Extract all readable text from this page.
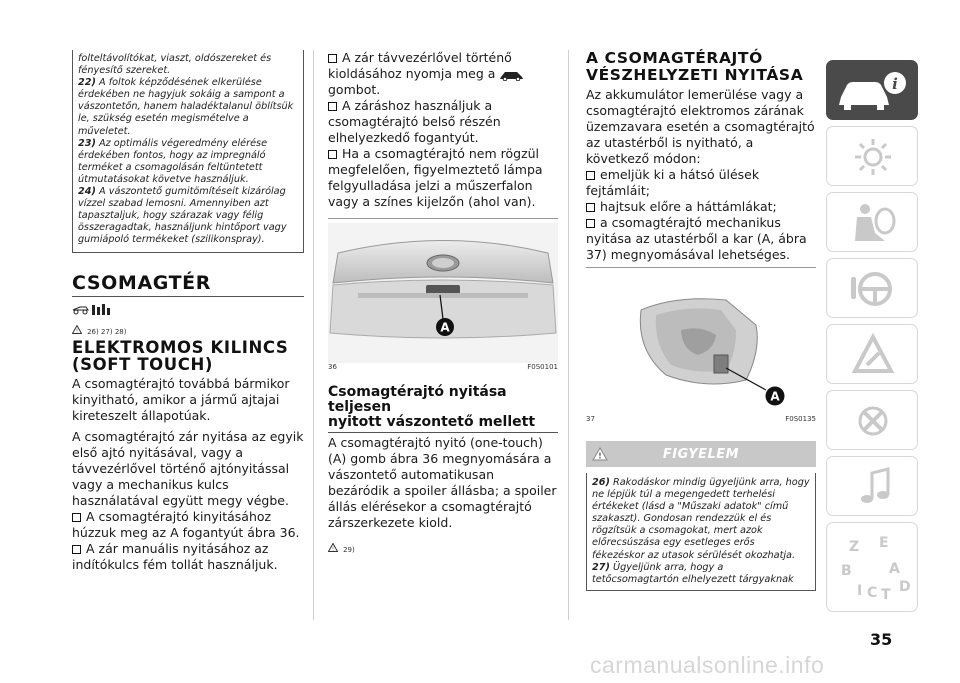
folteltávolítókat, viaszt, oldószereket és fényesítő szereket.

22) A foltok képződésének elkerülése érdekében ne hagyjuk sokáig a sampont a vászontetőn, hanem haladéktalanul öblítsük le, szükség esetén megismételve a műveletet.

23) Az optimális végeredmény elérése érdekében fontos, hogy az impregnáló terméket a csomagolásán feltüntetett útmutatásokat követve használjuk.

24) A vászontető gumitömítéseit kizárólag vízzel szabad lemosni. Amennyiben azt tapasztaljuk, hogy szárazak vagy félig összeragadtak, használjunk hintőport vagy gumiápoló termékeket (szilikonspray).

CSOMAGTÉR
! 26) 27) 28)
ELEKTROMOS KILINCS
(SOFT TOUCH)

A csomagtérajtó továbbá bármikor kinyitható, amikor a jármű ajtajai kireteszelt állapotúak.

A csomagtérajtó zár nyitása az egyik első ajtó nyitásával, vagy a távvezérlővel történő ajtónyitással vagy a mechanikus kulcs használatával együtt megy végbe.

A csomagtérajtó kinyitásához húzzuk meg az A fogantyút ábra 36.

A zár manuális nyitásához az indítókulcs fém tollát használjuk.

A zár távvezérlővel történő kioldásához nyomja meg a
gombot.

A záráshoz használjuk a csomagtérajtó belső részén elhelyezkedő fogantyút.

Ha a csomagtérajtó nem rögzül megfelelően, figyelmeztető lámpa felgyulladása jelzi a műszerfalon vagy a színes kijelzőn (ahol van).

A
36	F0S0101
Csomagtérajtó nyitása teljesen
nyitott vászontető mellett

A csomagtérajtó nyitó (one-touch) (A) gomb ábra 36 megnyomására a vászontető automatikusan bezáródik a spoiler állásba; a spoiler állás elérésekor a csomagtérajtó zárszerkezete kiold.

! 29)
A CSOMAGTÉRAJTÓ
VÉSZHELYZETI NYITÁSA

Az akkumulátor lemerülése vagy a csomagtérajtó elektromos zárának üzemzavara esetén a csomagtérajtó az utastérből is nyitható, a következő módon:

emeljük ki a hátsó ülések fejtámláit;

hajtsuk előre a háttámlákat;

a csomagtérajtó mechanikus nyitása az utastérből a kar (A, ábra 37) megnyomásával lehetséges.

A
37	F0S0135
!	FIGYELEM

26) Rakodáskor mindig ügyeljünk arra, hogy ne lépjük túl a megengedett terhelési értékeket (lásd a "Műszaki adatok" című szakaszt). Gondosan rendezzük el és rögzítsük a csomagokat, mert azok előrecsúszása egy esetleges erős fékezéskor az utasok sérülését okozhatja.

27) Ügyeljünk arra, hogy a tetőcsomagtartón elhelyezett tárgyaknak

i
Z E
B	A
I C T D
35
carmanualsonline.info
